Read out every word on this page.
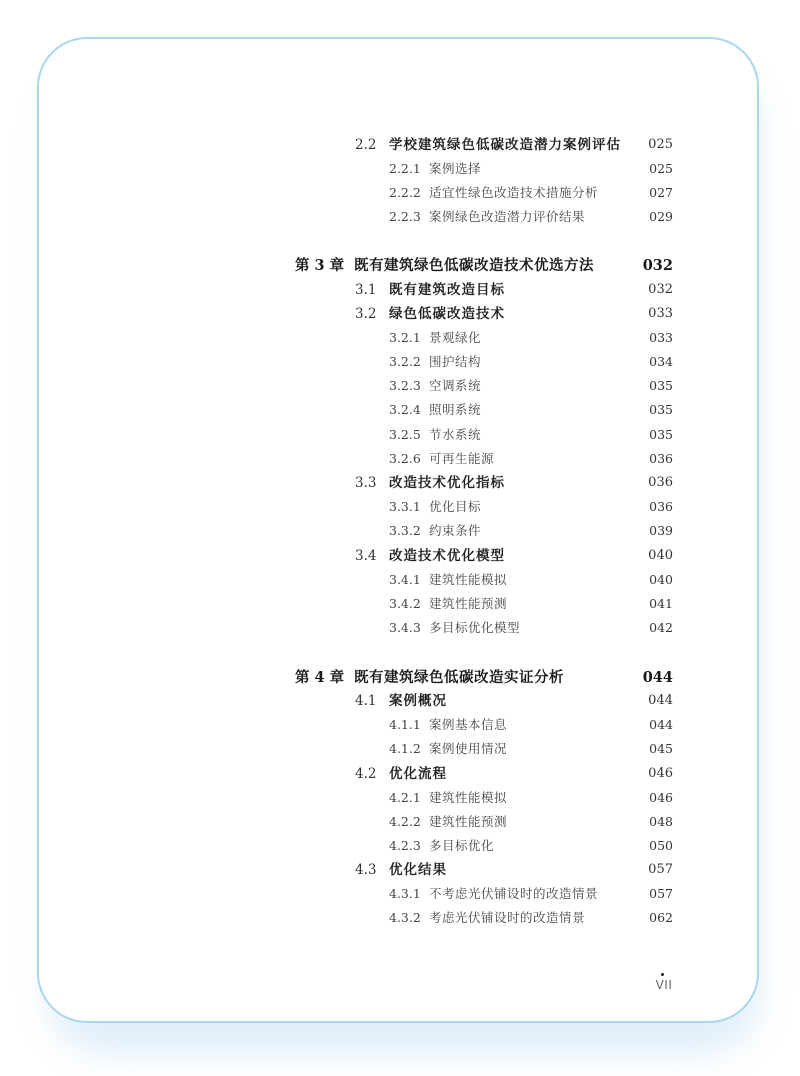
2.2 学校建筑绿色低碳改造潜力案例评估 025
2.2.1 案例选择	025
2.2.2 适宜性绿色改造技术措施分析	027
2.2.3 案例绿色改造潜力评价结果	029
第 3 章 既有建筑绿色低碳改造技术优选方法	032
3.1 既有建筑改造目标	032
3.2 绿色低碳改造技术	033
3.2.1 景观绿化	033
3.2.2 围护结构	034
3.2.3 空调系统	035
3.2.4 照明系统	035
3.2.5 节水系统	035
3.2.6 可再生能源	036
3.3 改造技术优化指标	036
3.3.1 优化目标	036
3.3.2 约束条件	039
3.4 改造技术优化模型	040
3.4.1 建筑性能模拟	040
3.4.2 建筑性能预测	041
3.4.3 多目标优化模型	042
第 4 章 既有建筑绿色低碳改造实证分析	044
4.1 案例概况	044
4.1.1 案例基本信息	044
4.1.2 案例使用情况	045
4.2 优化流程	046
4.2.1 建筑性能模拟	046
4.2.2 建筑性能预测	048
4.2.3 多目标优化	050
4.3 优化结果	057
4.3.1 不考虑光伏铺设时的改造情景	057
4.3.2 考虑光伏铺设时的改造情景	062
VII
